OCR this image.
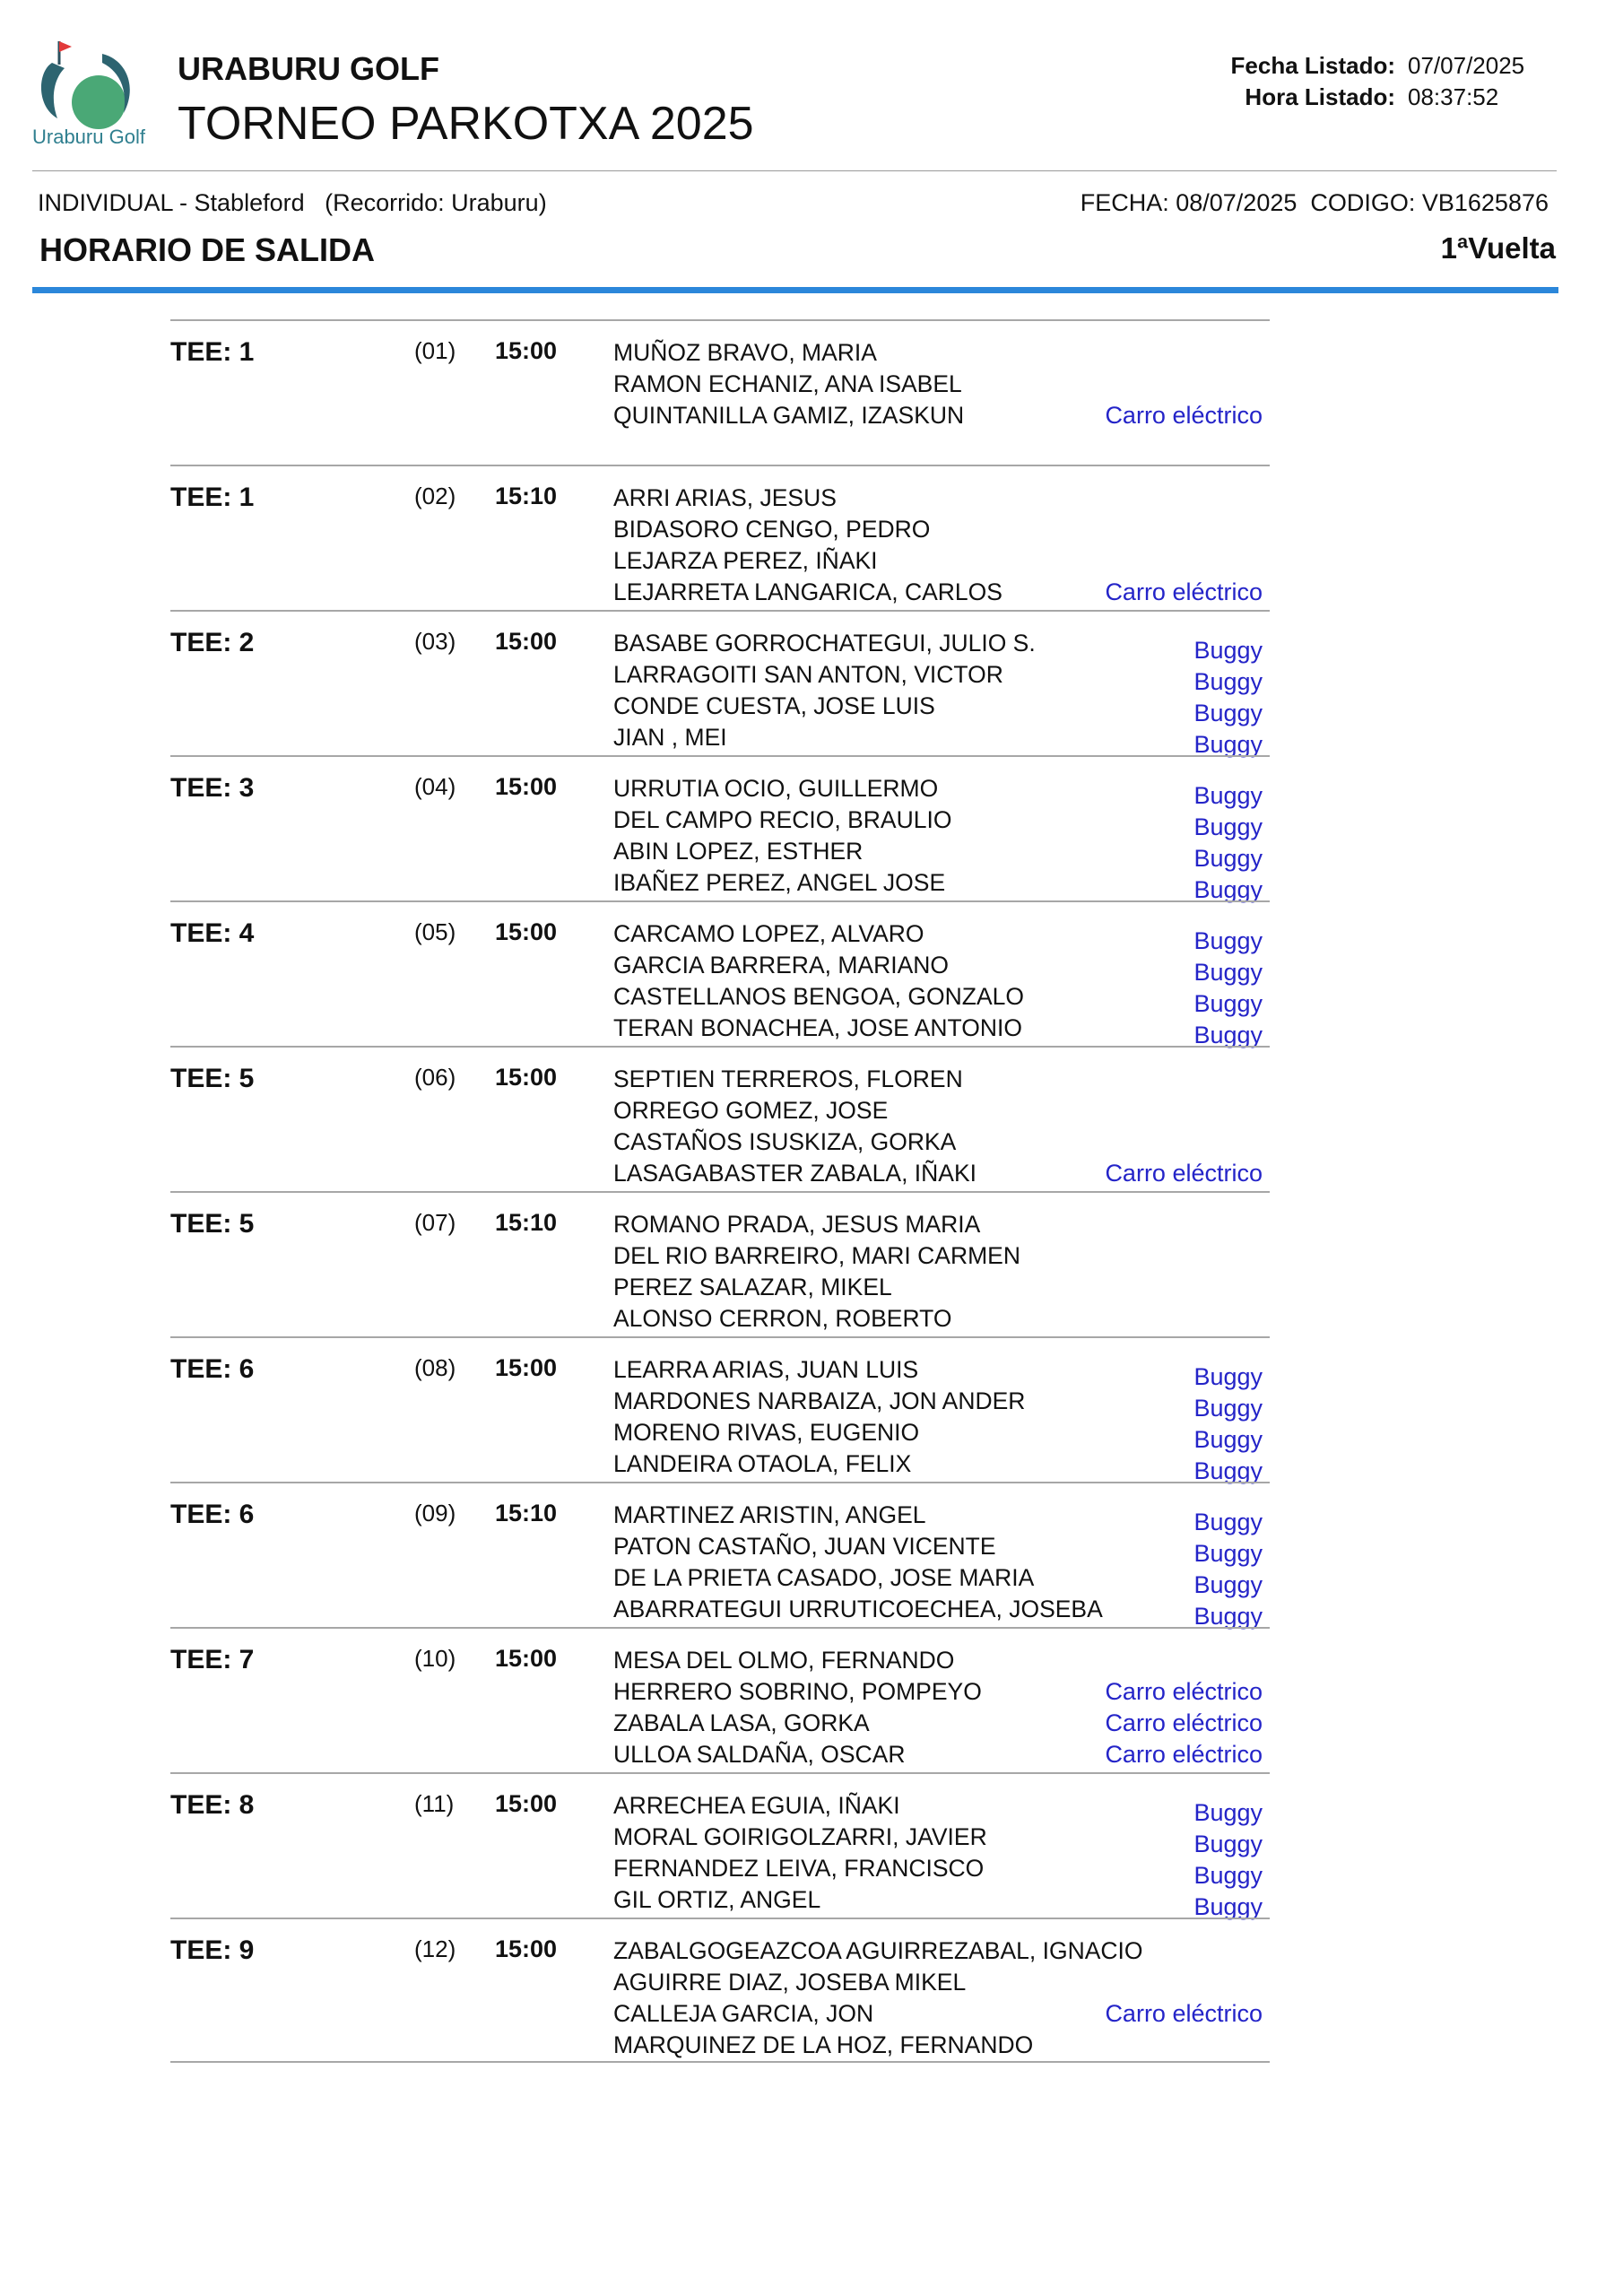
Uraburu Golf
URABURU GOLF
TORNEO PARKOTXA 2025
Fecha Listado: 07/07/2025
Hora Listado: 08:37:52
INDIVIDUAL - Stableford   (Recorrido: Uraburu)	FECHA: 08/07/2025  CODIGO: VB1625876
HORARIO DE SALIDA	1ªVuelta
TEE: 1	(01) 15:00 MUÑOZ BRAVO, MARIA
RAMON ECHANIZ, ANA ISABEL
QUINTANILLA GAMIZ, IZASKUN	Carro eléctrico
TEE: 1	(02) 15:10 ARRI ARIAS, JESUS
BIDASORO CENGO, PEDRO
LEJARZA PEREZ, IÑAKI
LEJARRETA LANGARICA, CARLOS	Carro eléctrico
TEE: 2	(03) 15:00 BASABE GORROCHATEGUI, JULIO S.	Buggy
LARRAGOITI SAN ANTON, VICTOR	Buggy
CONDE CUESTA, JOSE LUIS	Buggy
JIAN , MEI	Buggy
TEE: 3	(04) 15:00 URRUTIA OCIO, GUILLERMO	Buggy
DEL CAMPO RECIO, BRAULIO	Buggy
ABIN LOPEZ, ESTHER	Buggy
IBAÑEZ PEREZ, ANGEL JOSE	Buggy
TEE: 4	(05) 15:00 CARCAMO LOPEZ, ALVARO	Buggy
GARCIA BARRERA, MARIANO	Buggy
CASTELLANOS BENGOA, GONZALO	Buggy
TERAN BONACHEA, JOSE ANTONIO	Buggy
TEE: 5	(06) 15:00 SEPTIEN TERREROS, FLOREN
ORREGO GOMEZ, JOSE
CASTAÑOS ISUSKIZA, GORKA
LASAGABASTER ZABALA, IÑAKI	Carro eléctrico
TEE: 5	(07) 15:10 ROMANO PRADA, JESUS MARIA
DEL RIO BARREIRO, MARI CARMEN
PEREZ SALAZAR, MIKEL
ALONSO CERRON, ROBERTO
TEE: 6	(08) 15:00 LEARRA ARIAS, JUAN LUIS	Buggy
MARDONES NARBAIZA, JON ANDER	Buggy
MORENO RIVAS, EUGENIO	Buggy
LANDEIRA OTAOLA, FELIX	Buggy
TEE: 6	(09) 15:10 MARTINEZ ARISTIN, ANGEL	Buggy
PATON CASTAÑO, JUAN VICENTE	Buggy
DE LA PRIETA CASADO, JOSE MARIA	Buggy
ABARRATEGUI URRUTICOECHEA, JOSEBA	Buggy
TEE: 7	(10) 15:00 MESA DEL OLMO, FERNANDO
HERRERO SOBRINO, POMPEYO	Carro eléctrico
ZABALA LASA, GORKA	Carro eléctrico
ULLOA SALDAÑA, OSCAR	Carro eléctrico
TEE: 8	(11) 15:00 ARRECHEA EGUIA, IÑAKI	Buggy
MORAL GOIRIGOLZARRI, JAVIER	Buggy
FERNANDEZ LEIVA, FRANCISCO	Buggy
GIL ORTIZ, ANGEL	Buggy
TEE: 9	(12) 15:00 ZABALGOGEAZCOA AGUIRREZABAL, IGNACIO
AGUIRRE DIAZ, JOSEBA MIKEL
CALLEJA GARCIA, JON	Carro eléctrico
MARQUINEZ DE LA HOZ, FERNANDO
